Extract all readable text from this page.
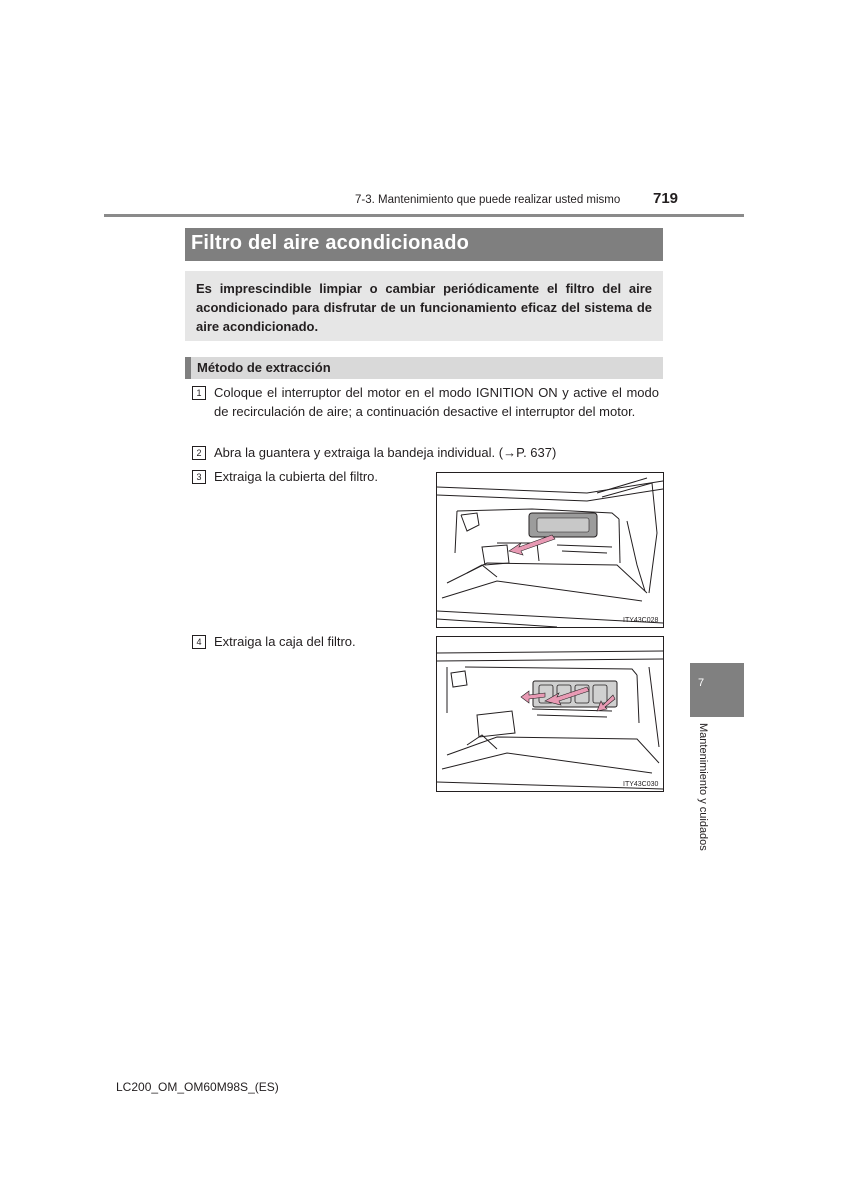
7-3. Mantenimiento que puede realizar usted mismo 719
Filtro del aire acondicionado

Es imprescindible limpiar o cambiar periódicamente el filtro del aire acondicionado para disfrutar de un funcionamiento eficaz del sistema de aire acondicionado.

Método de extracción
1 Coloque el interruptor del motor en el modo IGNITION ON y active el modo de recirculación de aire; a continuación desactive el interruptor del motor.
2 Abra la guantera y extraiga la bandeja individual. (→P. 637)
3 Extraiga la cubierta del filtro.
ITY43C028
4 Extraiga la caja del filtro.
ITY43C030
7
Mantenimiento y cuidados
LC200_OM_OM60M98S_(ES)
